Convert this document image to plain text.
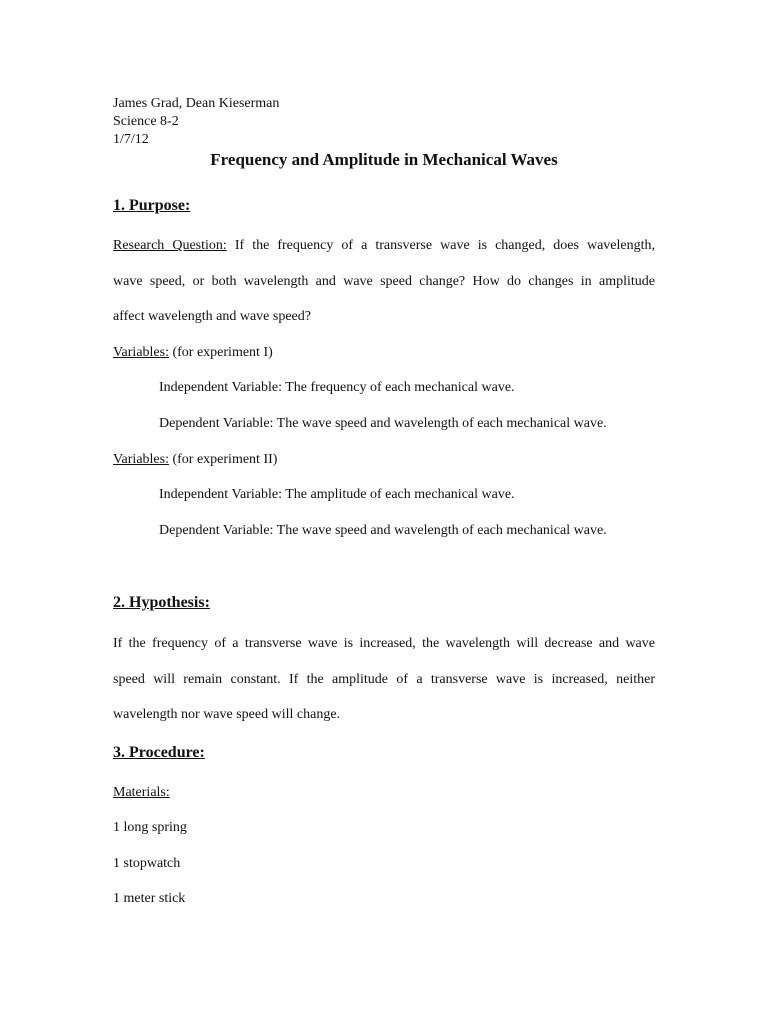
James Grad, Dean Kieserman
Science 8-2
1/7/12
Frequency and Amplitude in Mechanical Waves
1. Purpose:
Research Question: If the frequency of a transverse wave is changed, does wavelength,
wave speed, or both wavelength and wave speed change? How do changes in amplitude
affect wavelength and wave speed?
Variables: (for experiment I)
Independent Variable: The frequency of each mechanical wave.
Dependent Variable: The wave speed and wavelength of each mechanical wave.
Variables: (for experiment II)
Independent Variable: The amplitude of each mechanical wave.
Dependent Variable: The wave speed and wavelength of each mechanical wave.
2. Hypothesis:
If the frequency of a transverse wave is increased, the wavelength will decrease and wave
speed will remain constant. If the amplitude of a transverse wave is increased, neither
wavelength nor wave speed will change.
3. Procedure:
Materials:
1 long spring
1 stopwatch
1 meter stick
